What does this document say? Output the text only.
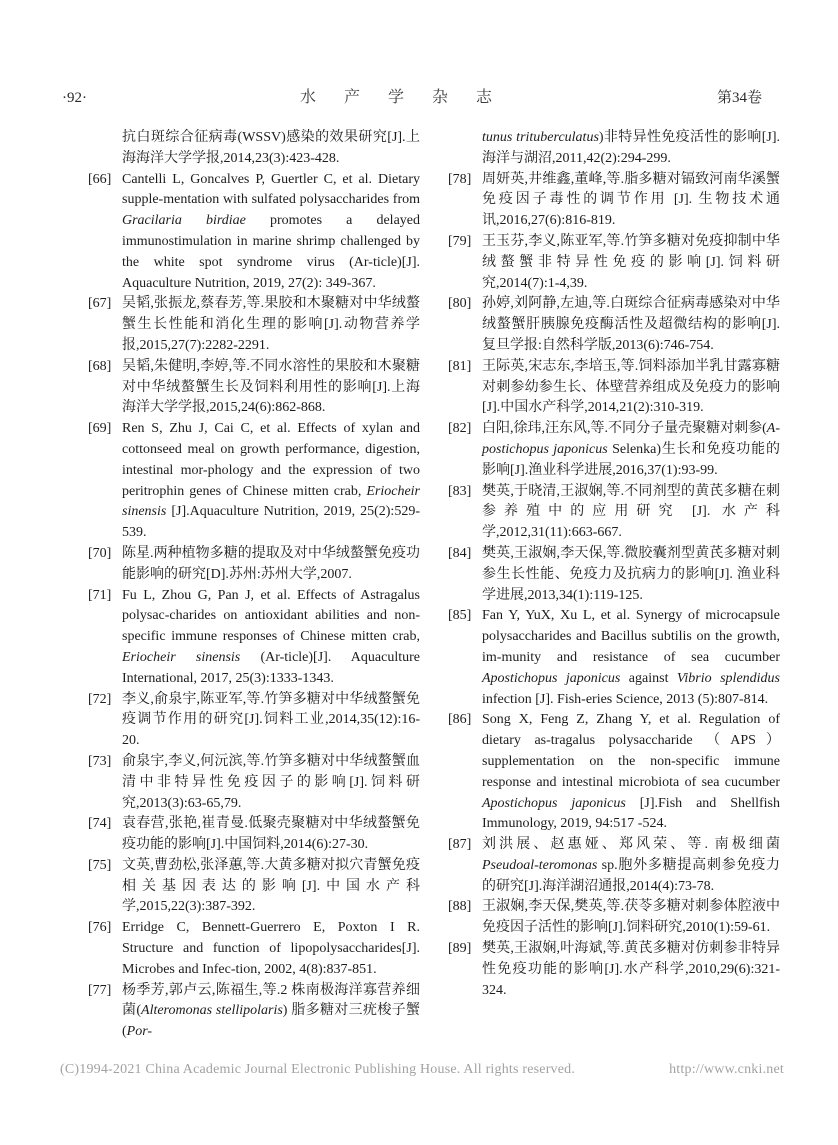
·92·	水 产 学 杂 志	第34卷
抗白斑综合征病毒(WSSV)感染的效果研究[J].上海海洋大学学报,2014,23(3):423-428.
[66] Cantelli L, Goncalves P, Guertler C, et al. Dietary supple-mentation with sulfated polysaccharides from Gracilaria birdiae promotes a delayed immunostimulation in marine shrimp challenged by the white spot syndrome virus (Ar-ticle)[J]. Aquaculture Nutrition, 2019, 27(2): 349-367.
[67] 吴韬,张振龙,蔡春芳,等.果胶和木聚糖对中华绒螯蟹生长性能和消化生理的影响[J].动物营养学报,2015,27(7):2282-2291.
[68] 吴韬,朱健明,李婷,等.不同水溶性的果胶和木聚糖对中华绒螯蟹生长及饲料利用性的影响[J].上海海洋大学学报,2015,24(6):862-868.
[69] Ren S, Zhu J, Cai C, et al. Effects of xylan and cottonseed meal on growth performance, digestion, intestinal mor-phology and the expression of two peritrophin genes of Chinese mitten crab, Eriocheir sinensis [J].Aquaculture Nutrition, 2019, 25(2):529-539.
[70] 陈星.两种植物多糖的提取及对中华绒螯蟹免疫功能影响的研究[D].苏州:苏州大学,2007.
[71] Fu L, Zhou G, Pan J, et al. Effects of Astragalus polysac-charides on antioxidant abilities and non-specific immune responses of Chinese mitten crab, Eriocheir sinensis (Ar-ticle)[J]. Aquaculture International, 2017, 25(3):1333-1343.
[72] 李义,俞泉宇,陈亚军,等.竹笋多糖对中华绒螯蟹免疫调节作用的研究[J].饲料工业,2014,35(12):16-20.
[73] 俞泉宇,李义,何沅滨,等.竹笋多糖对中华绒螯蟹血清中非特异性免疫因子的影响[J].饲料研究,2013(3):63-65,79.
[74] 袁春营,张艳,崔青曼.低聚壳聚糖对中华绒螯蟹免疫功能的影响[J].中国饲料,2014(6):27-30.
[75] 文英,曹劲松,张泽蕙,等.大黄多糖对拟穴青蟹免疫相关基因表达的影响[J].中国水产科学,2015,22(3):387-392.
[76] Erridge C, Bennett-Guerrero E, Poxton I R. Structure and function of lipopolysaccharides[J]. Microbes and Infec-tion, 2002, 4(8):837-851.
[77] 杨季芳,郭卢云,陈福生,等.2 株南极海洋寡营养细菌(Alteromonas stellipolaris) 脂多糖对三疣梭子蟹(Por-
tunus trituberculatus)非特异性免疫活性的影响[J].海洋与湖沼,2011,42(2):294-299.
[78] 周妍英,井维鑫,董峰,等.脂多糖对镉致河南华溪蟹免疫因子毒性的调节作用 [J]. 生物技术通讯,2016,27(6):816-819.
[79] 王玉芬,李义,陈亚军,等.竹笋多糖对免疫抑制中华绒螯蟹非特异性免疫的影响[J].饲料研究,2014(7):1-4,39.
[80] 孙婷,刘阿静,左迪,等.白斑综合征病毒感染对中华绒螯蟹肝胰腺免疫酶活性及超微结构的影响[J].复旦学报:自然科学版,2013(6):746-754.
[81] 王际英,宋志东,李培玉,等.饲料添加半乳甘露寡糖对刺参幼参生长、体壁营养组成及免疫力的影响[J].中国水产科学,2014,21(2):310-319.
[82] 白阳,徐玮,汪东风,等.不同分子量壳聚糖对刺参(A-postichopus japonicus Selenka)生长和免疫功能的影响[J].渔业科学进展,2016,37(1):93-99.
[83] 樊英,于晓清,王淑娴,等.不同剂型的黄芪多糖在刺参养殖中的应用研究 [J]. 水产科学,2012,31(11):663-667.
[84] 樊英,王淑娴,李天保,等.微胶囊剂型黄芪多糖对刺参生长性能、免疫力及抗病力的影响[J]. 渔业科学进展,2013,34(1):119-125.
[85] Fan Y, YuX, Xu L, et al. Synergy of microcapsule polysaccharides and Bacillus subtilis on the growth, im-munity and resistance of sea cucumber Apostichopus japonicus against Vibrio splendidus infection [J]. Fish-eries Science, 2013 (5):807-814.
[86] Song X, Feng Z, Zhang Y, et al. Regulation of dietary as-tragalus polysaccharide （APS） supplementation on the non-specific immune response and intestinal microbiota of sea cucumber Apostichopus japonicus [J].Fish and Shellfish Immunology, 2019, 94:517 -524.
[87] 刘洪展、赵惠娅、郑风荣、等. 南极细菌 Pseudoal-teromonas sp.胞外多糖提高刺参免疫力的研究[J].海洋湖沼通报,2014(4):73-78.
[88] 王淑娴,李天保,樊英,等.茯苓多糖对刺参体腔液中免疫因子活性的影响[J].饲料研究,2010(1):59-61.
[89] 樊英,王淑娴,叶海斌,等.黄芪多糖对仿刺参非特异性免疫功能的影响[J].水产科学,2010,29(6):321-324.
(C)1994-2021 China Academic Journal Electronic Publishing House. All rights reserved.	http://www.cnki.net
